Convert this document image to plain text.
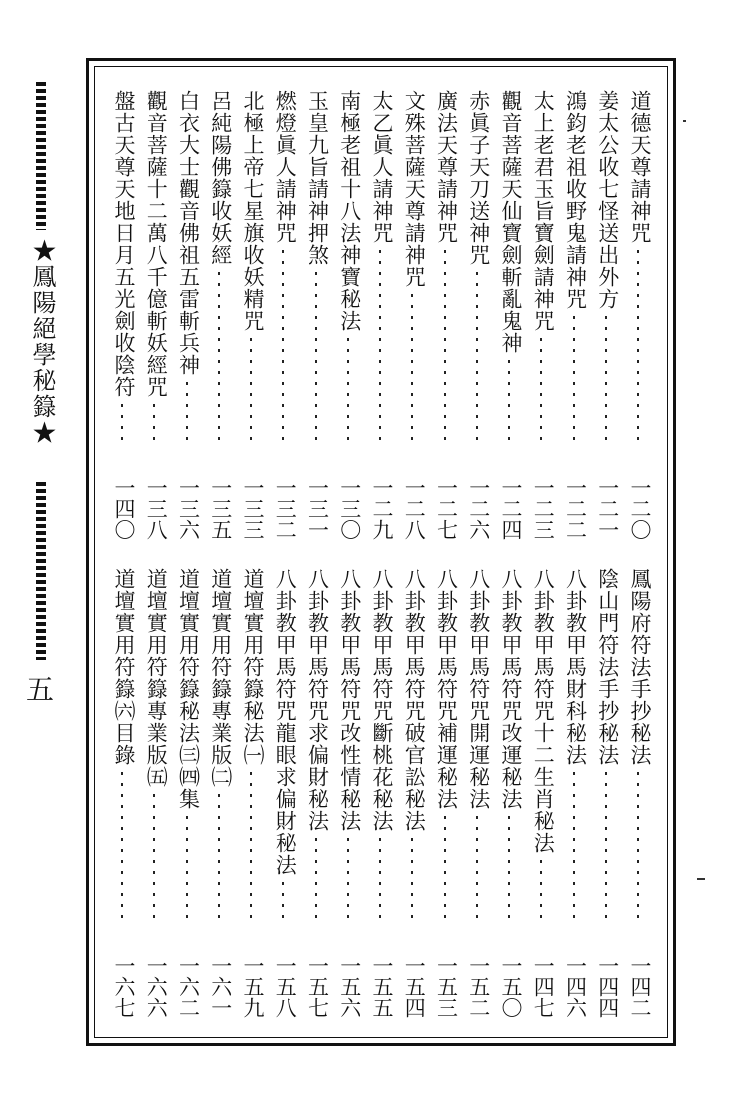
★鳳陽絕學秘籙★
五
道德天尊請神咒
一二〇
姜太公收七怪送出外方
一二一
鴻鈞老祖收野鬼請神咒
一二二
太上老君玉旨寶劍請神咒
一二三
觀音菩薩天仙寶劍斬亂鬼神
一二四
赤眞子天刀送神咒
一二六
廣法天尊請神咒
一二七
文殊菩薩天尊請神咒
一二八
太乙眞人請神咒
一二九
南極老祖十八法神寶秘法
一三〇
玉皇九旨請神押煞
一三一
燃燈眞人請神咒
一三二
北極上帝七星旗收妖精咒
一三三
呂純陽佛籙收妖經
一三五
白衣大士觀音佛祖五雷斬兵神
一三六
觀音菩薩十二萬八千億斬妖經咒
一三八
盤古天尊天地日月五光劍收陰符
一四〇
鳳陽府符法手抄秘法
一四二
陰山門符法手抄秘法
一四四
八卦教甲馬財科秘法
一四六
八卦教甲馬符咒十二生肖秘法
一四七
八卦教甲馬符咒改運秘法
一五〇
八卦教甲馬符咒開運秘法
一五二
八卦教甲馬符咒補運秘法
一五三
八卦教甲馬符咒破官訟秘法
一五四
八卦教甲馬符咒斷桃花秘法
一五五
八卦教甲馬符咒改性情秘法
一五六
八卦教甲馬符咒求偏財秘法
一五七
八卦教甲馬符咒龍眼求偏財秘法
一五八
道壇實用符籙秘法㈠
一五九
道壇實用符籙專業版㈡
一六一
道壇實用符籙秘法㈢㈣集
一六二
道壇實用符籙專業版㈤
一六六
道壇實用符籙㈥目錄
一六七
